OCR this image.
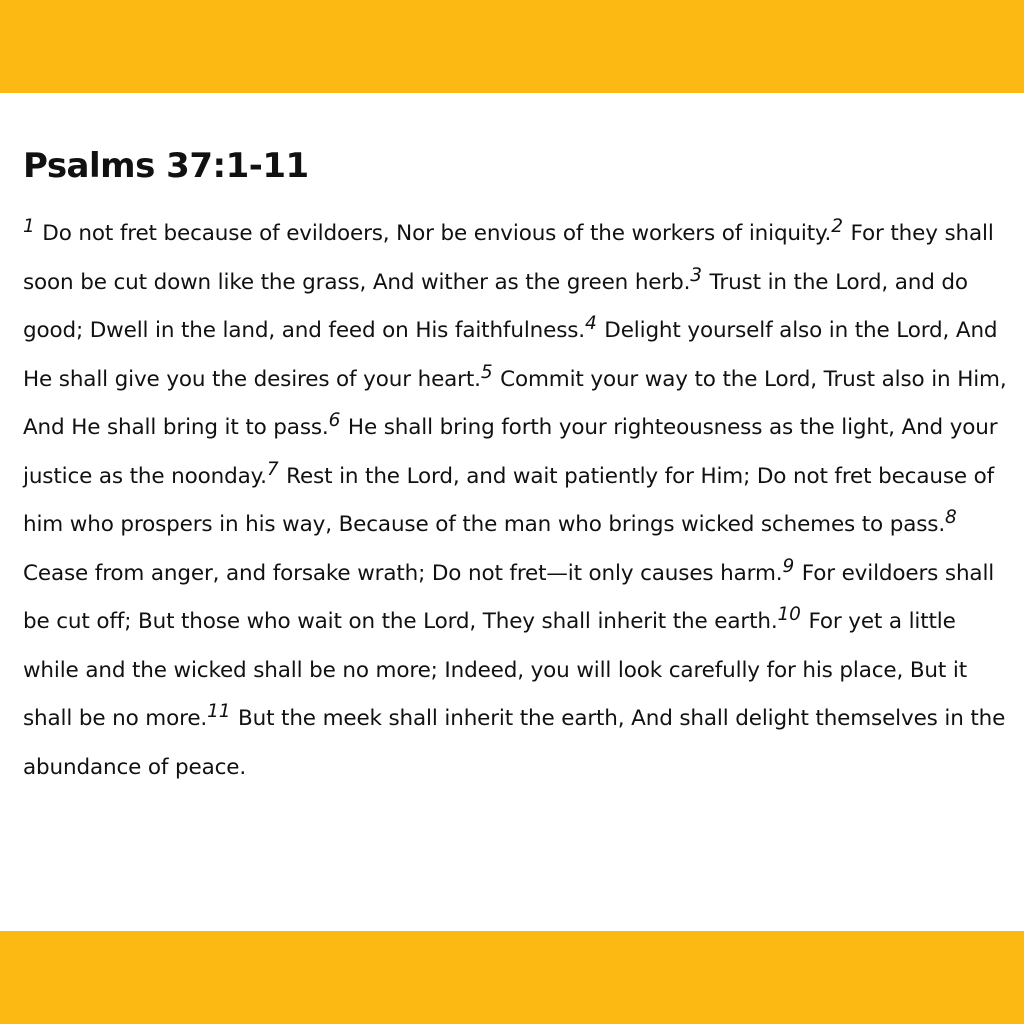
Psalms 37:1-11

$^1$ Do not fret because of evildoers, Nor be envious of the workers of iniquity.$^2$ For they shall soon be cut down like the grass, And wither as the green herb.$^3$ Trust in the Lord, and do good; Dwell in the land, and feed on His faithfulness.$^4$ Delight yourself also in the Lord, And He shall give you the desires of your heart.$^5$ Commit your way to the Lord, Trust also in Him, And He shall bring it to pass.$^6$ He shall bring forth your righteousness as the light, And your justice as the noonday.$^7$ Rest in the Lord, and wait patiently for Him; Do not fret because of him who prospers in his way, Because of the man who brings wicked schemes to pass.$^8$ Cease from anger, and forsake wrath; Do not fret—it only causes harm.$^9$ For evildoers shall be cut off; But those who wait on the Lord, They shall inherit the earth.$^{10}$ For yet a little while and the wicked shall be no more; Indeed, you will look carefully for his place, But it shall be no more.$^{11}$ But the meek shall inherit the earth, And shall delight themselves in the abundance of peace.
